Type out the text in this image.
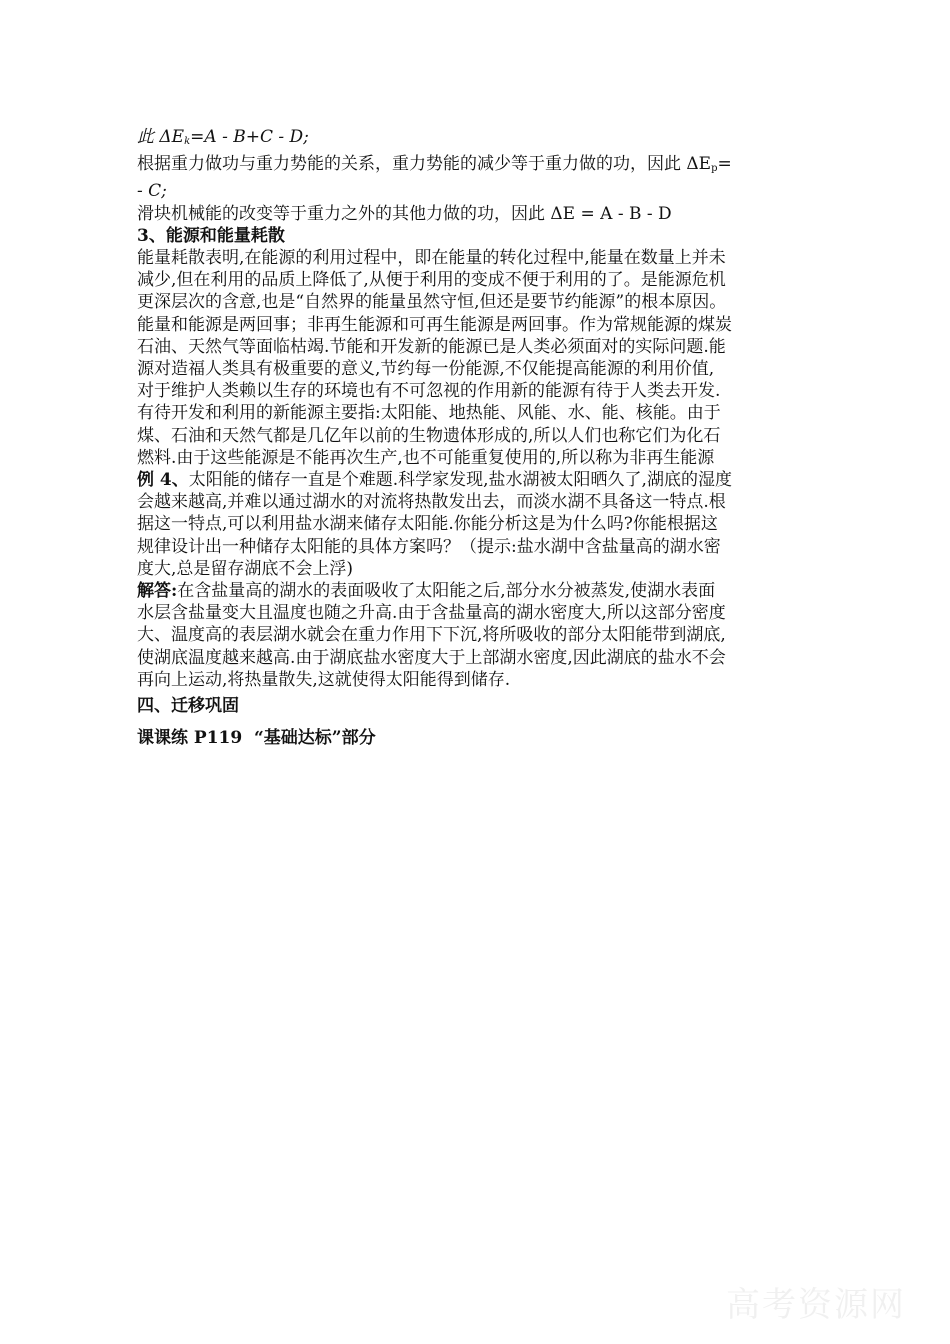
此 $\Delta E_k=A - B+C - D$;
根据重力做功与重力势能的关系，重力势能的减少等于重力做的功，因此 $\Delta E_p=$
- C;
滑块机械能的改变等于重力之外的其他力做的功，因此 ΔE = A - B - D
3、能源和能量耗散
能量耗散表明,在能源的利用过程中，即在能量的转化过程中,能量在数量上并未
减少,但在利用的品质上降低了,从便于利用的变成不便于利用的了。是能源危机
更深层次的含意,也是“自然界的能量虽然守恒,但还是要节约能源”的根本原因。
能量和能源是两回事；非再生能源和可再生能源是两回事。作为常规能源的煤炭
石油、天然气等面临枯竭.节能和开发新的能源已是人类必须面对的实际问题.能
源对造福人类具有极重要的意义,节约每一份能源,不仅能提高能源的利用价值,
对于维护人类赖以生存的环境也有不可忽视的作用新的能源有待于人类去开发.
有待开发和利用的新能源主要指:太阳能、地热能、风能、水、能、核能。由于
煤、石油和天然气都是几亿年以前的生物遗体形成的,所以人们也称它们为化石
燃料.由于这些能源是不能再次生产,也不可能重复使用的,所以称为非再生能源
例 4、太阳能的储存一直是个难题.科学家发现,盐水湖被太阳晒久了,湖底的湿度
会越来越高,并难以通过湖水的对流将热散发出去，而淡水湖不具备这一特点.根
据这一特点,可以利用盐水湖来储存太阳能.你能分析这是为什么吗?你能根据这
规律设计出一种储存太阳能的具体方案吗？（提示:盐水湖中含盐量高的湖水密
度大,总是留存湖底不会上浮)
解答:在含盐量高的湖水的表面吸收了太阳能之后,部分水分被蒸发,使湖水表面
水层含盐量变大且温度也随之升高.由于含盐量高的湖水密度大,所以这部分密度
大、温度高的表层湖水就会在重力作用下下沉,将所吸收的部分太阳能带到湖底,
使湖底温度越来越高.由于湖底盐水密度大于上部湖水密度,因此湖底的盐水不会
再向上运动,将热量散失,这就使得太阳能得到储存.
四、迁移巩固
课课练 P119  “基础达标”部分
高考资源网
